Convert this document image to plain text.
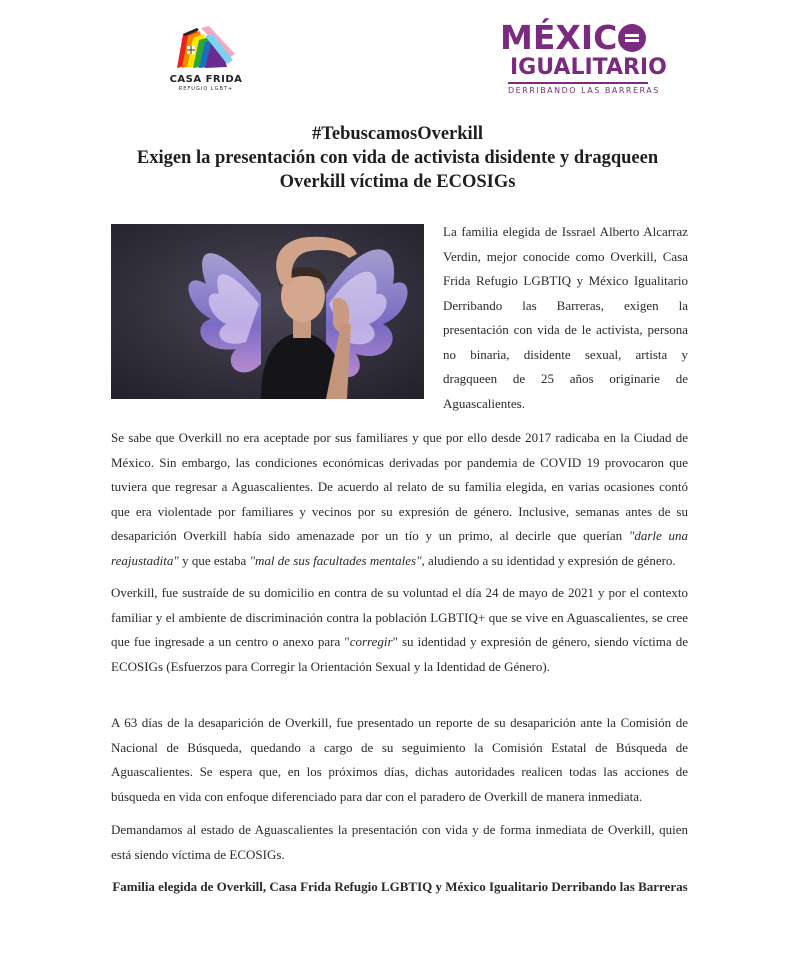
CASA FRIDA
REFUGIO LGBT+
MÉXIC
IGUALITARIO
DERRIBANDO LAS BARRERAS
#TebuscamosOverkill
Exigen la presentación con vida de activista disidente y dragqueen
Overkill víctima de ECOSIGs
La familia elegida de Issrael Alberto Alcarraz Verdin, mejor conocide como Overkill, Casa Frida Refugio LGBTIQ y México Igualitario Derribando las Barreras, exigen la presentación con vida de le activista, persona no binaria, disidente sexual, artista y dragqueen de 25 años originarie de Aguascalientes.
Se sabe que Overkill no era aceptade por sus familiares y que por ello desde 2017 radicaba en la Ciudad de México. Sin embargo, las condiciones económicas derivadas por pandemia de COVID 19 provocaron que tuviera que regresar a Aguascalientes. De acuerdo al relato de su familia elegida, en varias ocasiones contó que era violentade por familiares y vecinos por su expresión de género. Inclusive, semanas antes de su desaparición Overkill había sido amenazade por un tío y un primo, al decirle que querían "darle una reajustadita" y que estaba "mal de sus facultades mentales", aludiendo a su identidad y expresión de género.
Overkill, fue sustraíde de su domicilio en contra de su voluntad el día 24 de mayo de 2021 y por el contexto familiar y el ambiente de discriminación contra la población LGBTIQ+ que se vive en Aguascalientes, se cree que fue ingresade a un centro o anexo para "corregir" su identidad y expresión de género, siendo víctima de ECOSIGs (Esfuerzos para Corregir la Orientación Sexual y la Identidad de Género).
A 63 días de la desaparición de Overkill, fue presentado un reporte de su desaparición ante la Comisión de Nacional de Búsqueda, quedando a cargo de su seguimiento la Comisión Estatal de Búsqueda de Aguascalientes. Se espera que, en los próximos días, dichas autoridades realicen todas las acciones de búsqueda en vida con enfoque diferenciado para dar con el paradero de Overkill de manera inmediata.
Demandamos al estado de Aguascalientes la presentación con vida y de forma inmediata de Overkill, quien está siendo víctima de ECOSIGs.
Familia elegida de Overkill, Casa Frida Refugio LGBTIQ y México Igualitario Derribando las Barreras
